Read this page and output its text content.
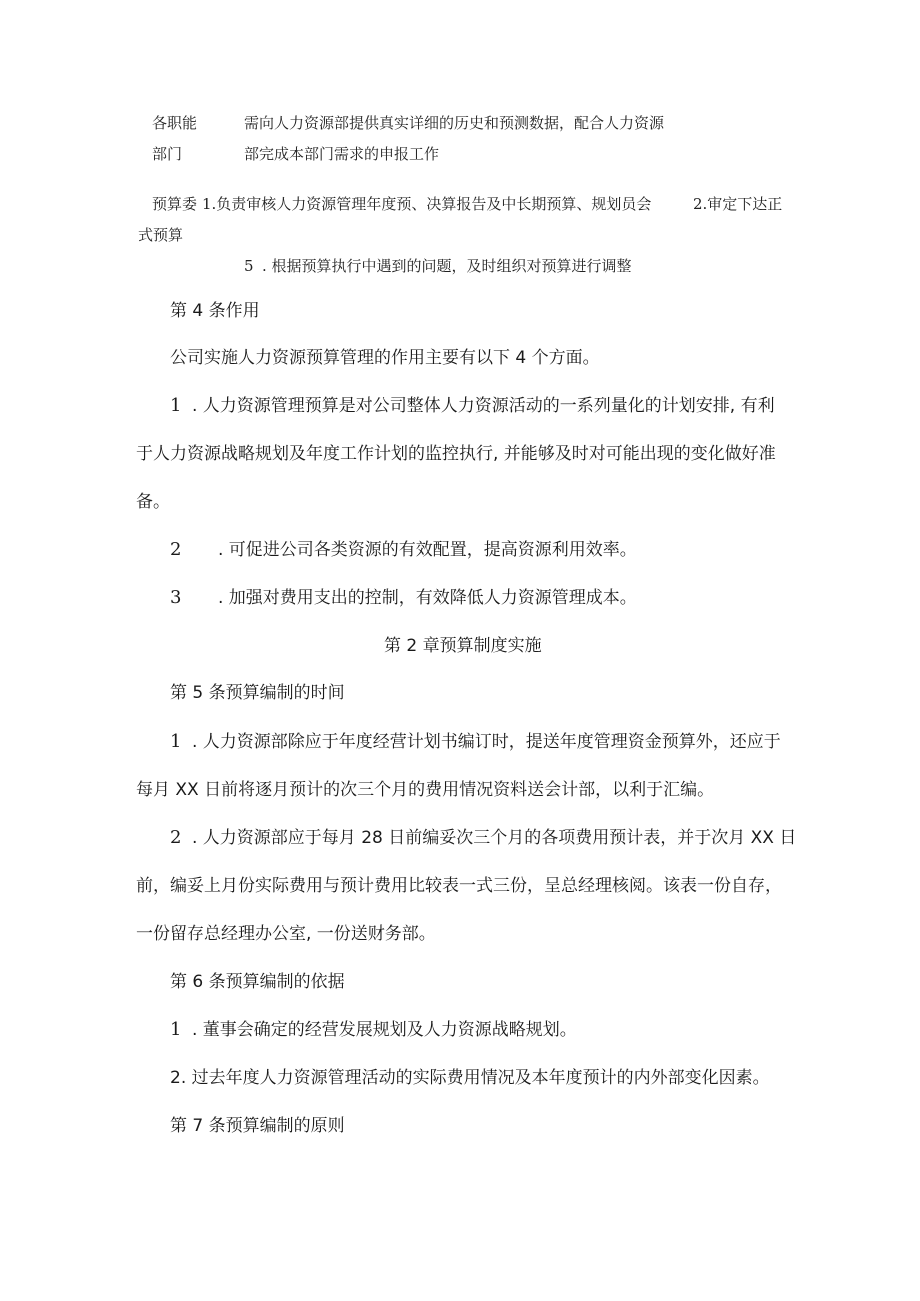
各职能	需向人力资源部提供真实详细的历史和预测数据，配合人力资源
部门	部完成本部门需求的申报工作
预算委 1.负责审核人力资源管理年度预、决算报告及中长期预算、规划员会	2.审定下达正
式预算
5 . 根据预算执行中遇到的问题，及时组织对预算进行调整
第 4 条作用
公司实施人力资源预算管理的作用主要有以下 4 个方面。
1 . 人力资源管理预算是对公司整体人力资源活动的一系列量化的计划安排, 有利
于人力资源战略规划及年度工作计划的监控执行, 并能够及时对可能出现的变化做好准
备。
2 . 可促进公司各类资源的有效配置，提高资源利用效率。
3 . 加强对费用支出的控制，有效降低人力资源管理成本。
第 2 章预算制度实施
第 5 条预算编制的时间
1 . 人力资源部除应于年度经营计划书编订时，提送年度管理资金预算外，还应于
每月 XX 日前将逐月预计的次三个月的费用情况资料送会计部，以利于汇编。
2 . 人力资源部应于每月 28 日前编妥次三个月的各项费用预计表，并于次月 XX 日
前，编妥上月份实际费用与预计费用比较表一式三份，呈总经理核阅。该表一份自存，
一份留存总经理办公室, 一份送财务部。
第 6 条预算编制的依据
1 . 董事会确定的经营发展规划及人力资源战略规划。
2. 过去年度人力资源管理活动的实际费用情况及本年度预计的内外部变化因素。
第 7 条预算编制的原则
